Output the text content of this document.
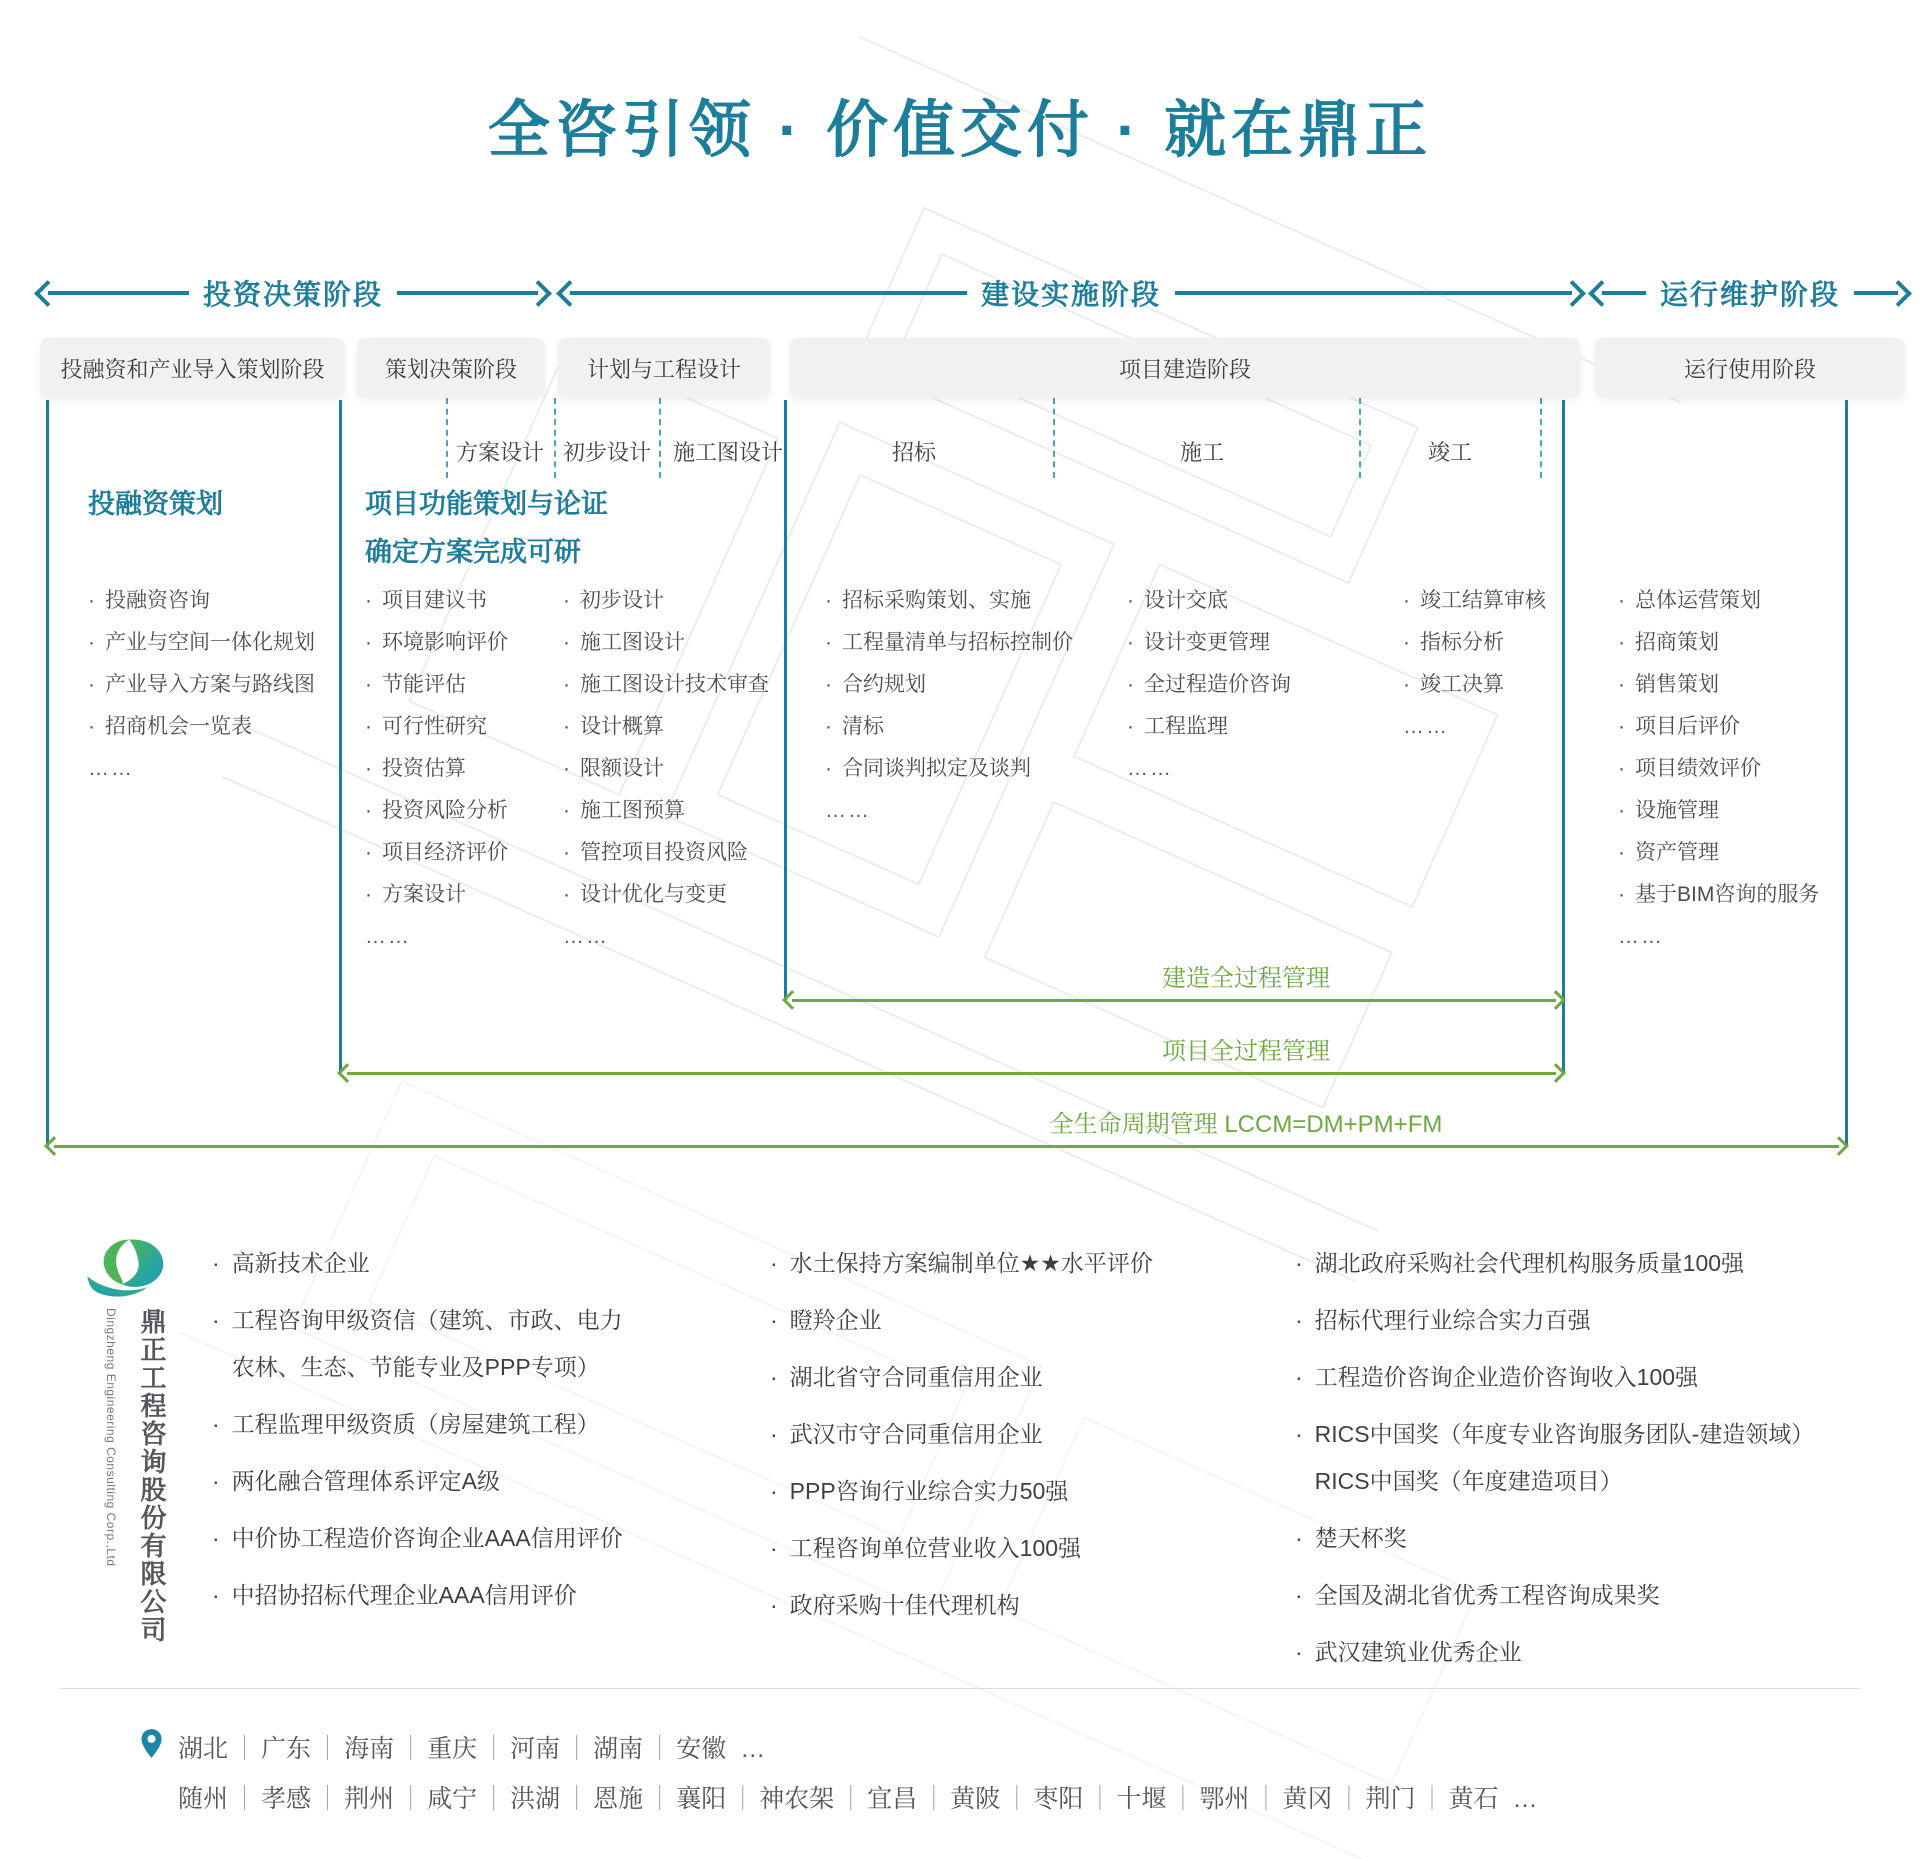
全咨引领 · 价值交付 · 就在鼎正
投资决策阶段	建设实施阶段	运行维护阶段
投融资和产业导入策划阶段	策划决策阶段	计划与工程设计	项目建造阶段	运行使用阶段
方案设计 初步设计 施工图设计	招标	施工	竣工
投融资策划
· 投融资咨询
· 产业与空间一体化规划
· 产业导入方案与路线图
· 招商机会一览表
……
项目功能策划与论证
确定方案完成可研
· 项目建议书
· 环境影响评价
· 节能评估
· 可行性研究
· 投资估算
· 投资风险分析
· 项目经济评价
· 方案设计
……
· 初步设计
· 施工图设计
· 施工图设计技术审查
· 设计概算
· 限额设计
· 施工图预算
· 管控项目投资风险
· 设计优化与变更
……
· 招标采购策划、实施
· 工程量清单与招标控制价
· 合约规划
· 清标
· 合同谈判拟定及谈判
……
· 设计交底
· 设计变更管理
· 全过程造价咨询
· 工程监理
……
· 竣工结算审核
· 指标分析
· 竣工决算
……
· 总体运营策划
· 招商策划
· 销售策划
· 项目后评价
· 项目绩效评价
· 设施管理
· 资产管理
· 基于BIM咨询的服务
……
建造全过程管理
项目全过程管理
全生命周期管理 LCCM=DM+PM+FM
鼎正工程咨询股份有限公司
Dingzheng Engineering Consulting Corp.,Ltd
· 高新技术企业
· 工程咨询甲级资信（建筑、市政、电力
农林、生态、节能专业及PPP专项）
· 工程监理甲级资质（房屋建筑工程）
· 两化融合管理体系评定A级
· 中价协工程造价咨询企业AAA信用评价
· 中招协招标代理企业AAA信用评价
· 水土保持方案编制单位★★水平评价
· 瞪羚企业
· 湖北省守合同重信用企业
· 武汉市守合同重信用企业
· PPP咨询行业综合实力50强
· 工程咨询单位营业收入100强
· 政府采购十佳代理机构
· 湖北政府采购社会代理机构服务质量100强
· 招标代理行业综合实力百强
· 工程造价咨询企业造价咨询收入100强
· RICS中国奖（年度专业咨询服务团队-建造领域）
RICS中国奖（年度建造项目）
· 楚天杯奖
· 全国及湖北省优秀工程咨询成果奖
· 武汉建筑业优秀企业
湖北 ｜ 广东 ｜ 海南 ｜ 重庆 ｜ 河南 ｜ 湖南 ｜ 安徽 …
随州 ｜ 孝感 ｜ 荆州 ｜ 咸宁 ｜ 洪湖 ｜ 恩施 ｜ 襄阳 ｜ 神农架 ｜ 宜昌 ｜ 黄陂 ｜ 枣阳 ｜ 十堰 ｜ 鄂州 ｜ 黄冈 ｜ 荆门 ｜ 黄石 …
